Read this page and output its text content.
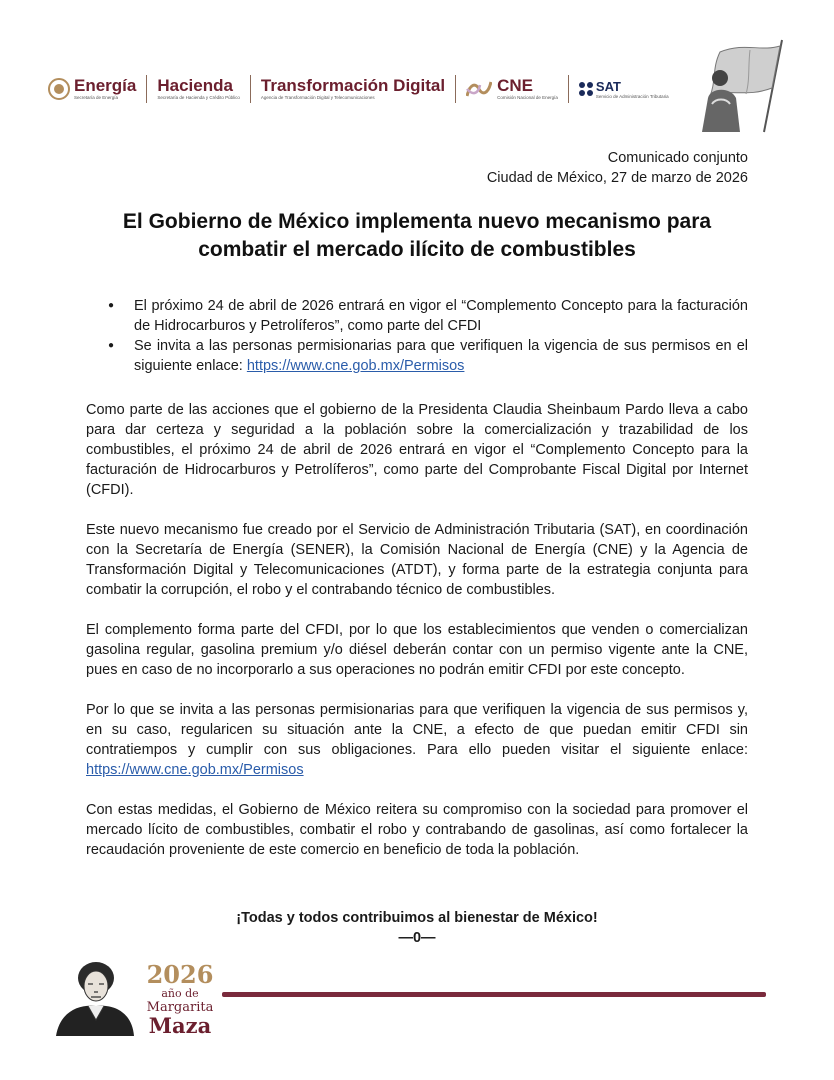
Energía
Secretaría de Energía
Hacienda
Secretaría de Hacienda y Crédito Público
Transformación Digital
Agencia de Transformación Digital y Telecomunicaciones
CNE
Comisión Nacional de Energía
SAT
Servicio de Administración Tributaria
Comunicado conjunto
Ciudad de México, 27 de marzo de 2026
El Gobierno de México implementa nuevo mecanismo para
combatir el mercado ilícito de combustibles
● El próximo 24 de abril de 2026 entrará en vigor el “Complemento Concepto para la facturación de Hidrocarburos y Petrolíferos”, como parte del CFDI
● Se invita a las personas permisionarias para que verifiquen la vigencia de sus permisos en el siguiente enlace: https://www.cne.gob.mx/Permisos

Como parte de las acciones que el gobierno de la Presidenta Claudia Sheinbaum Pardo lleva a cabo para dar certeza y seguridad a la población sobre la comercialización y trazabilidad de los combustibles, el próximo 24 de abril de 2026 entrará en vigor el “Complemento Concepto para la facturación de Hidrocarburos y Petrolíferos”, como parte del Comprobante Fiscal Digital por Internet (CFDI).

Este nuevo mecanismo fue creado por el Servicio de Administración Tributaria (SAT), en coordinación con la Secretaría de Energía (SENER), la Comisión Nacional de Energía (CNE) y la Agencia de Transformación Digital y Telecomunicaciones (ATDT), y forma parte de la estrategia conjunta para combatir la corrupción, el robo y el contrabando técnico de combustibles.

El complemento forma parte del CFDI, por lo que los establecimientos que venden o comercializan gasolina regular, gasolina premium y/o diésel deberán contar con un permiso vigente ante la CNE, pues en caso de no incorporarlo a sus operaciones no podrán emitir CFDI por este concepto.

Por lo que se invita a las personas permisionarias para que verifiquen la vigencia de sus permisos y, en su caso, regularicen su situación ante la CNE, a efecto de que puedan emitir CFDI sin contratiempos y cumplir con sus obligaciones. Para ello pueden visitar el siguiente enlace: https://www.cne.gob.mx/Permisos

Con estas medidas, el Gobierno de México reitera su compromiso con la sociedad para promover el mercado lícito de combustibles, combatir el robo y contrabando de gasolinas, así como fortalecer la recaudación proveniente de este comercio en beneficio de toda la población.

¡Todas y todos contribuimos al bienestar de México!
—0—
2026
año de
Margarita
Maza
